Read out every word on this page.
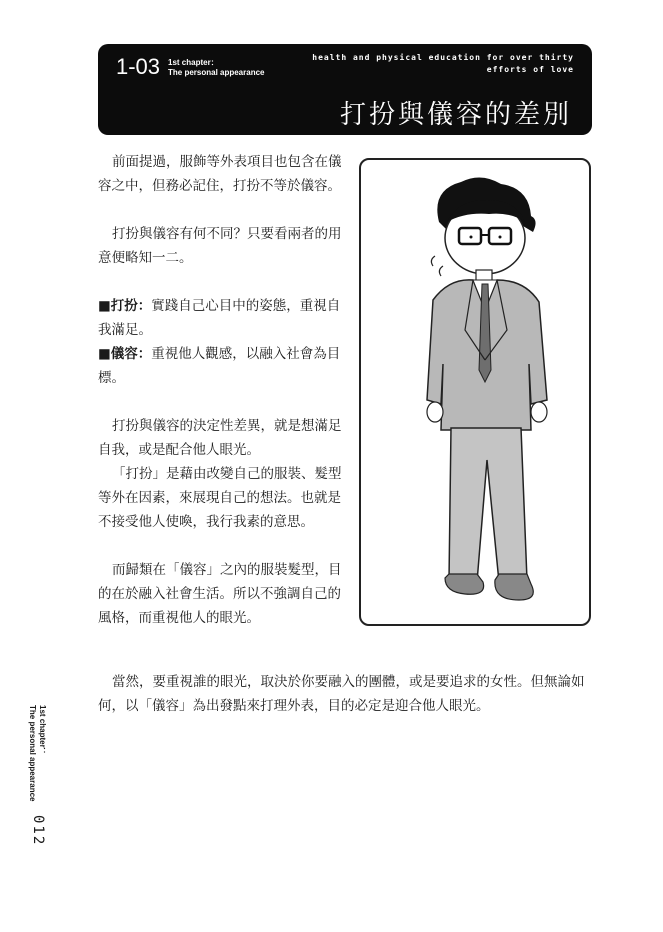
1-03 1st chapter：
The personal appearance
health and physical education for over thirty
efforts of love
打扮與儀容的差別

前面提過，服飾等外表項目也包含在儀容之中，但務必記住，打扮不等於儀容。

打扮與儀容有何不同？只要看兩者的用意便略知一二。

■打扮：實踐自己心目中的姿態，重視自我滿足。

■儀容：重視他人觀感，以融入社會為目標。

打扮與儀容的決定性差異，就是想滿足自我，或是配合他人眼光。

「打扮」是藉由改變自己的服裝、髮型等外在因素，來展現自己的想法。也就是不接受他人使喚，我行我素的意思。

而歸類在「儀容」之內的服裝髮型，目的在於融入社會生活。所以不強調自己的風格，而重視他人的眼光。

當然，要重視誰的眼光，取決於你要融入的團體，或是要追求的女性。但無論如何，以「儀容」為出發點來打理外表，目的必定是迎合他人眼光。

1st chapter：
The personal appearance
012
